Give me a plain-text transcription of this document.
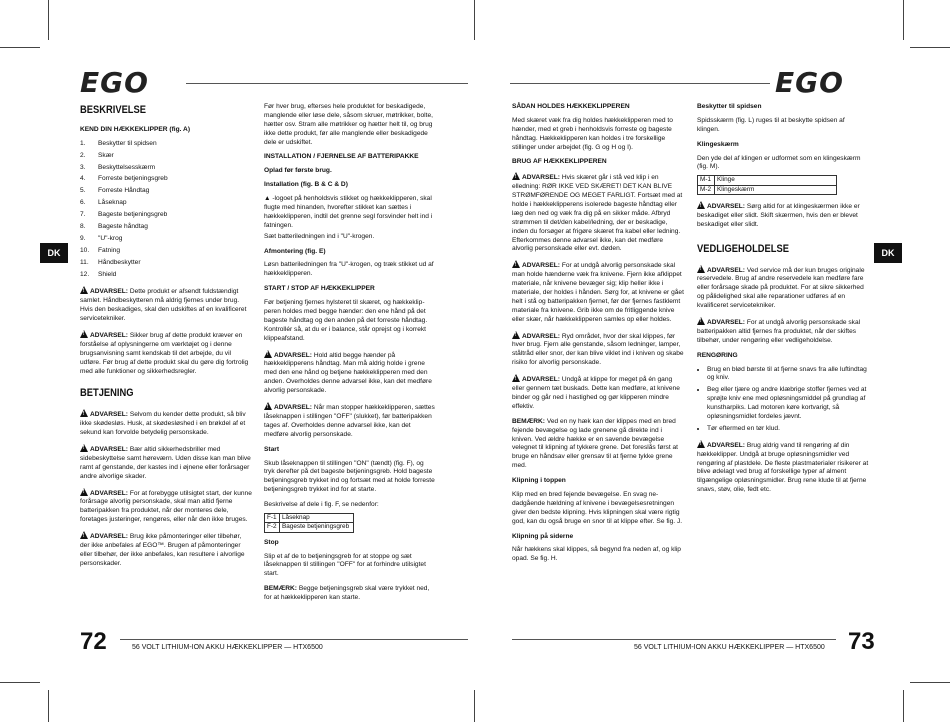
EGO	EGO
DK	DK
BESKRIVELSE
KEND DIN HÆKKEKLIPPER (fig. A)
1. Beskytter til spidsen
2. Skær
3. Beskyttelsesskærm
4. Forreste betjeningsgreb
5. Forreste Håndtag
6. Låseknap
7. Bageste betjeningsgreb
8. Bageste håndtag
9. "U"-krog
10. Fatning
11. Håndbeskytter
12. Shield

!ADVARSEL: Dette produkt er afsendt fuldstændigt samlet. Håndbeskytteren må aldrig fjernes under brug. Hvis den beskadiges, skal den udskiftes af en kvalificeret servicetekniker.

!ADVARSEL: Sikker brug af dette produkt kræver en forståelse af oplysningerne om værktøjet og i denne brugsanvisning samt kendskab til det arbejde, du vil udføre. Før brug af dette produkt skal du gøre dig fortrolig med alle funktioner og sikkerhedsregler.

BETJENING

!ADVARSEL: Selvom du kender dette produkt, så bliv ikke skødesløs. Husk, at skødesløshed i en brøkdel af et sekund kan forvolde betydelig personskade.

!ADVARSEL: Bær altid sikkerhedsbriller med sidebeskyttelse samt høreværn. Uden disse kan man blive ramt af genstande, der kastes ind i øjnene eller forårsager andre alvorlige skader.

!ADVARSEL: For at forebygge utilsigtet start, der kunne forårsage alvorlig personskade, skal man altid fjerne batteripakken fra produktet, når der monteres dele, foretages justeringer, rengøres, eller når den ikke bruges.

!ADVARSEL: Brug ikke påmonteringer eller tilbehør, der ikke anbefales af EGO™. Brugen af påmonteringer eller tilbehør, der ikke anbefales, kan resultere i alvorlige personskader.

Før hver brug, efterses hele produktet for beskadigede, manglende eller løse dele, såsom skruer, møtrikker, bolte, hætter osv. Stram alle møtrikker og hætter helt til, og brug ikke dette produkt, før alle manglende eller beskadigede dele er udskiftet.

INSTALLATION / FJERNELSE AF BATTERIPAKKE
Oplad før første brug.
Installation (fig. B & C & D)

▲ -logoet på henholdsvis stikket og hækkeklipperen, skal flugte med hinanden, hvorefter stikket kan sættes i hækkeklipperen, indtil det grenne segl forsvinder helt ind i fatningen.

Sæt batteriledningen ind i "U"-krogen.

Afmontering (fig. E)

Løsn batteriledningen fra "U"-krogen, og træk stikket ud af hækkeklipperen.

START / STOP AF HÆKKEKLIPPER

Før betjening fjernes hylsteret til skæret, og hækkeklip-peren holdes med begge hænder: den ene hånd på det bageste håndtag og den anden på det forreste håndtag. Kontrollér så, at du er i balance, står oprejst og i korrekt klippeafstand.

!ADVARSEL: Hold altid begge hænder på hækkeklipperens håndtag. Man må aldrig holde i grene med den ene hånd og betjene hækkeklipperen med den anden. Overholdes denne advarsel ikke, kan det medføre alvorlig personskade.

!ADVARSEL: Når man stopper hækkeklipperen, sættes låseknappen i stillingen "OFF" (slukket), før batteripakken tages af. Overholdes denne advarsel ikke, kan det medføre alvorlig personskade.

Start

Skub låseknappen til stillingen "ON" (tændt) (fig. F), og tryk derefter på det bageste betjeningsgreb. Hold bageste betjeningsgreb trykket ind og fortsæt med at holde forreste betjeningsgreb trykket ind for at starte.

Beskrivelse af dele i fig. F, se nedenfor:

F-1	Låseknap
F-2	Bageste betjeningsgreb
Stop

Slip et af de to betjeningsgreb for at stoppe og sæt låseknappen til stillingen "OFF" for at forhindre utilsigtet start.

BEMÆRK: Begge betjeningsgreb skal være trykket ned, for at hækkeklipperen kan starte.

SÅDAN HOLDES HÆKKEKLIPPEREN

Med skæret væk fra dig holdes hækkeklipperen med to hænder, med et greb i henholdsvis forreste og bageste håndtag. Hækkeklipperen kan holdes i tre forskellige stillinger under arbejdet (fig. G og H og I).

BRUG AF HÆKKEKLIPPEREN

!ADVARSEL: Hvis skæret går i stå ved klip i en elledning: RØR IKKE VED SKÆRET! DET KAN BLIVE STRØMFØRENDE OG MEGET FARLIGT. Fortsæt med at holde i hækkeklipperens isolerede bageste håndtag eller læg den ned og væk fra dig på en sikker måde. Afbryd strømmen til det/den kabel/ledning, der er beskadige, inden du forsøger at frigøre skæret fra kabel eller ledning. Efterkommes denne advarsel ikke, kan det medføre alvorlig personskade eller evt. døden.

!ADVARSEL: For at undgå alvorlig personskade skal man holde hænderne væk fra knivene. Fjern ikke afklippet materiale, når knivene bevæger sig; klip heller ikke i materiale, der holdes i hånden. Sørg for, at knivene er gået helt i stå og batteripakken fjernet, før der fjernes fastklemt materiale fra knivene. Grib ikke om de fritliggende knive eller skær, når hækkeklipperen samles op eller holdes.

!ADVARSEL: Ryd området, hvor der skal klippes, før hver brug. Fjern alle genstande, såsom ledninger, lamper, ståltråd eller snor, der kan blive viklet ind i kniven og skabe risiko for alvorlig personskade.

!ADVARSEL: Undgå at klippe for meget på én gang eller gennem tæt buskads. Dette kan medføre, at knivene binder og går ned i hastighed og gør klipperen mindre effektiv.

BEMÆRK: Ved en ny hæk kan der klippes med en bred fejende bevægelse og lade grenene gå direkte ind i kniven. Ved ældre hække er en savende bevægelse velegnet til klipning af tykkere grene. Det foreslås først at bruge en håndsav eller grensav til at fjerne tykke grene med.

Klipning i toppen

Klip med en bred fejende bevægelse. En svag ne-dadgående hældning af knivene i bevægelsesretningen giver den bedste klipning. Hvis klipningen skal være rigtig god, kan du også bruge en snor til at klippe efter. Se fig. J.

Klipning på siderne

Når hækkens skal klippes, så begynd fra neden af, og klip opad. Se fig. H.

Beskytter til spidsen

Spidsskærm (fig. L) ruges til at beskytte spidsen af klingen.

Klingeskærm

Den yde del af klingen er udformet som en klingeskærm (fig. M).

M-1	Klinge
M-2	Klingeskærm

!ADVARSEL: Sørg altid for at klingeskærmen ikke er beskadiget eller slidt. Skift skærmen, hvis den er blevet beskadiget eller slidt.

VEDLIGEHOLDELSE

!ADVARSEL: Ved service må der kun bruges originale reservedele. Brug af andre reservedele kan medføre fare eller forårsage skade på produktet. For at sikre sikkerhed og pålidelighed skal alle reparationer udføres af en kvalificeret servicetekniker.

!ADVARSEL: For at undgå alvorlig personskade skal batteripakken altid fjernes fra produktet, når der skiftes tilbehør, under rengøring eller vedligeholdelse.

RENGØRING
• Brug en blød børste til at fjerne snavs fra alle luftindtag og kniv.
• Beg eller tjære og andre klæbrige stoffer fjernes ved at sprøjte kniv ene med opløsningsmiddel på grundlag af kunstharpiks. Lad motoren køre kortvarigt, så opløsningsmidlet fordeles jævnt.
• Tør eftermed en tør klud.

!ADVARSEL: Brug aldrig vand til rengøring af din hækkeklipper. Undgå at bruge opløsningsmidler ved rengøring af plastdele. De fleste plastmaterialer risikerer at blive ødelagt ved brug af forskellige typer af alment tilgængelige opløsningsmidler. Brug rene klude til at fjerne snavs, støv, olie, fedt etc.

72	56 VOLT LITHIUM-ION AKKU HÆKKEKLIPPER — HTX6500	56 VOLT LITHIUM-ION AKKU HÆKKEKLIPPER — HTX6500 73
